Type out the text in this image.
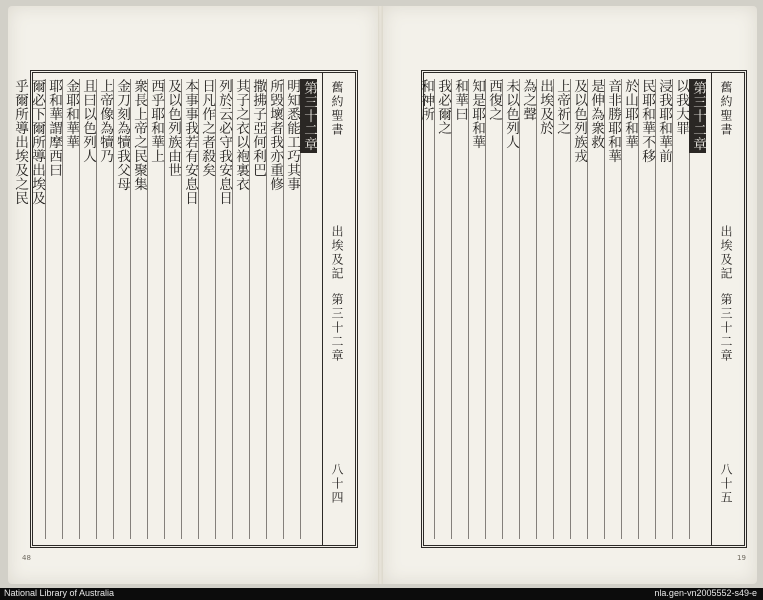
第三十二章
明知悉能工巧其事
所毁壞者我亦重修
撒拂子亞何利巴
其子之衣以袍裏衣
列於云必守我安息日
日凡作之者殺矣
本事事我若有安息日
及以色列族由世
西乎耶和華上
衆長上帝之民聚集
金刀刻為犢我父母
上帝像為犢乃
且曰以色列人
金耶和華華
耶和華謂摩西曰
爾必下爾所導出埃及
乎爾所導出埃及之民	舊約聖書
出埃及記
第三十二章
八十四
48
第三十二章
以我大罪
浸我耶和華前
民耶和華不移
於山耶和華
音非勝耶和華
是伸為衆救
及以色列族戎
上帝祈之
出埃及於
為之聲
未以色列人
西復之
知是耶和華
和華曰
我必爾之
和神所	舊約聖書
出埃及記
第三十二章
八十五
19
National Library of Australia	nla.gen-vn2005552-s49-e
